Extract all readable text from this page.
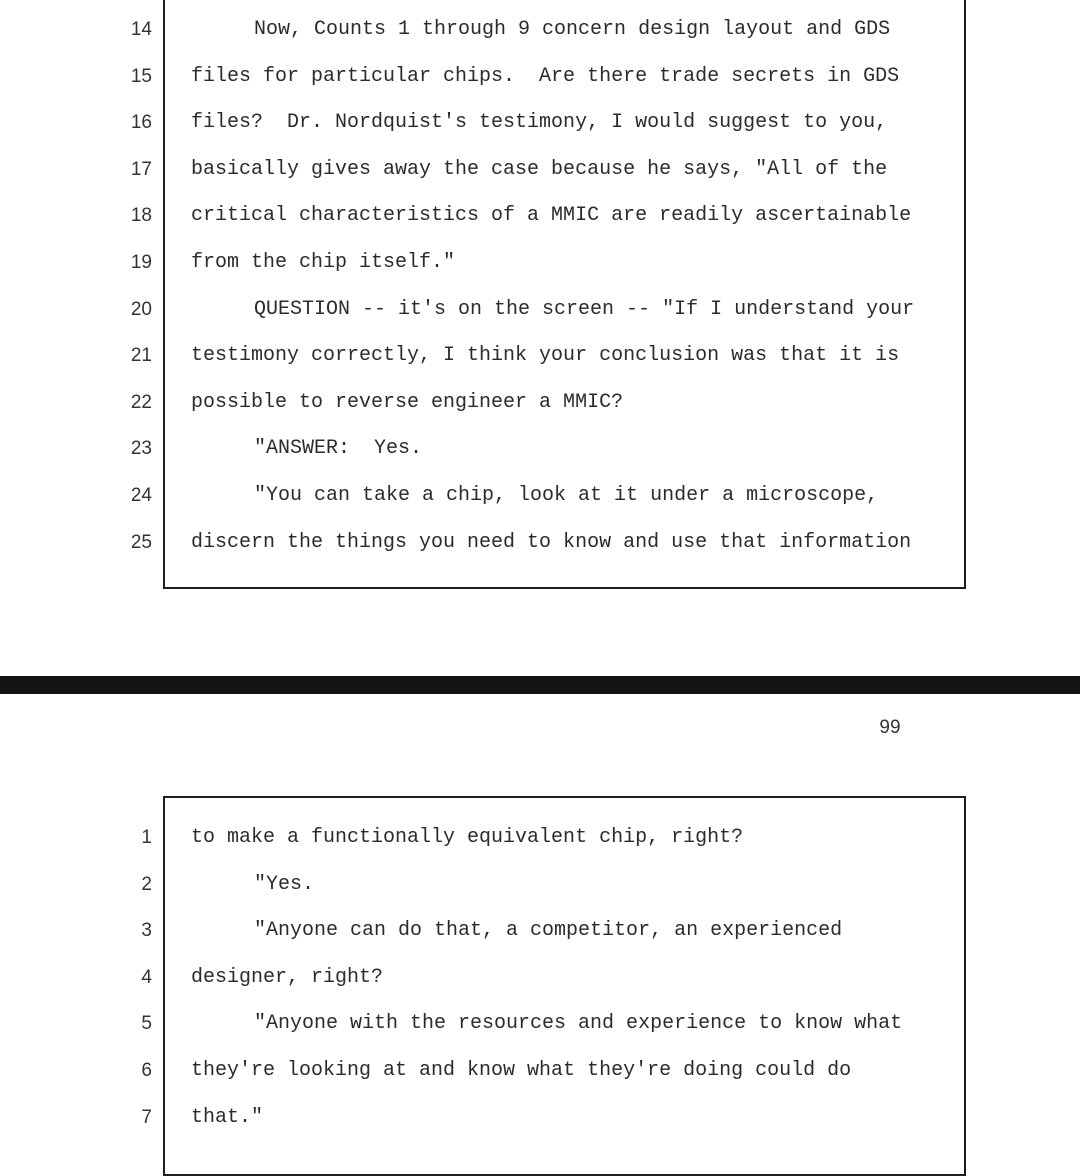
14	Now, Counts 1 through 9 concern design layout and GDS
15 files for particular chips.  Are there trade secrets in GDS
16 files?  Dr. Nordquist's testimony, I would suggest to you,
17 basically gives away the case because he says, "All of the
18 critical characteristics of a MMIC are readily ascertainable
19 from the chip itself."
20	QUESTION -- it's on the screen -- "If I understand your
21 testimony correctly, I think your conclusion was that it is
22 possible to reverse engineer a MMIC?
23	"ANSWER:  Yes.
24	"You can take a chip, look at it under a microscope,
25 discern the things you need to know and use that information
99
1 to make a functionally equivalent chip, right?
2	"Yes.
3	"Anyone can do that, a competitor, an experienced
4 designer, right?
5	"Anyone with the resources and experience to know what
6 they're looking at and know what they're doing could do
7 that."
